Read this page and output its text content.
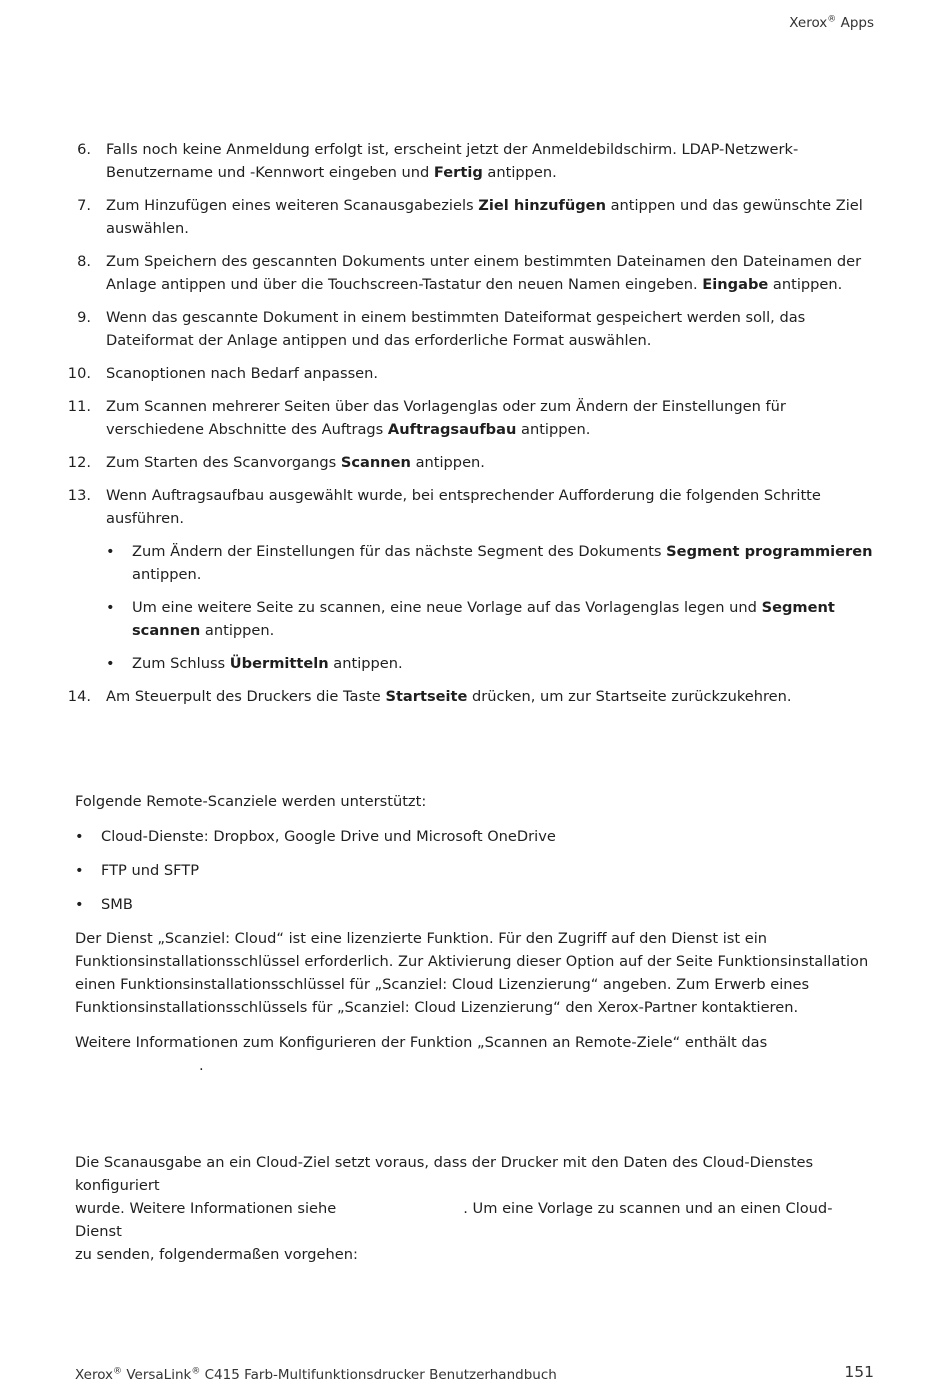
Xerox® Apps
6. Falls noch keine Anmeldung erfolgt ist, erscheint jetzt der Anmeldebildschirm. LDAP-Netzwerk-Benutzername und -Kennwort eingeben und Fertig antippen.
7. Zum Hinzufügen eines weiteren Scanausgabeziels Ziel hinzufügen antippen und das gewünschte Ziel auswählen.
8. Zum Speichern des gescannten Dokuments unter einem bestimmten Dateinamen den Dateinamen der Anlage antippen und über die Touchscreen-Tastatur den neuen Namen eingeben. Eingabe antippen.
9. Wenn das gescannte Dokument in einem bestimmten Dateiformat gespeichert werden soll, das Dateiformat der Anlage antippen und das erforderliche Format auswählen.
10. Scanoptionen nach Bedarf anpassen.
11. Zum Scannen mehrerer Seiten über das Vorlagenglas oder zum Ändern der Einstellungen für verschiedene Abschnitte des Auftrags Auftragsaufbau antippen.
12. Zum Starten des Scanvorgangs Scannen antippen.
13. Wenn Auftragsaufbau ausgewählt wurde, bei entsprechender Aufforderung die folgenden Schritte ausführen.
• Zum Ändern der Einstellungen für das nächste Segment des Dokuments Segment programmieren antippen.
• Um eine weitere Seite zu scannen, eine neue Vorlage auf das Vorlagenglas legen und Segment scannen antippen.
• Zum Schluss Übermitteln antippen.
14. Am Steuerpult des Druckers die Taste Startseite drücken, um zur Startseite zurückzukehren.

Folgende Remote-Scanziele werden unterstützt:

• Cloud-Dienste: Dropbox, Google Drive und Microsoft OneDrive
• FTP und SFTP
• SMB

Der Dienst „Scanziel: Cloud“ ist eine lizenzierte Funktion. Für den Zugriff auf den Dienst ist ein Funktionsinstallationsschlüssel erforderlich. Zur Aktivierung dieser Option auf der Seite Funktionsinstallation einen Funktionsinstallationsschlüssel für „Scanziel: Cloud Lizenzierung“ angeben. Zum Erwerb eines Funktionsinstallationsschlüssels für „Scanziel: Cloud Lizenzierung“ den Xerox-Partner kontaktieren.

Weitere Informationen zum Konfigurieren der Funktion „Scannen an Remote-Ziele“ enthält das
.

Die Scanausgabe an ein Cloud-Ziel setzt voraus, dass der Drucker mit den Daten des Cloud-Dienstes konfiguriert
wurde. Weitere Informationen siehe	. Um eine Vorlage zu scannen und an einen Cloud-Dienst
zu senden, folgendermaßen vorgehen:
Xerox® VersaLink® C415 Farb-Multifunktionsdrucker Benutzerhandbuch	151
